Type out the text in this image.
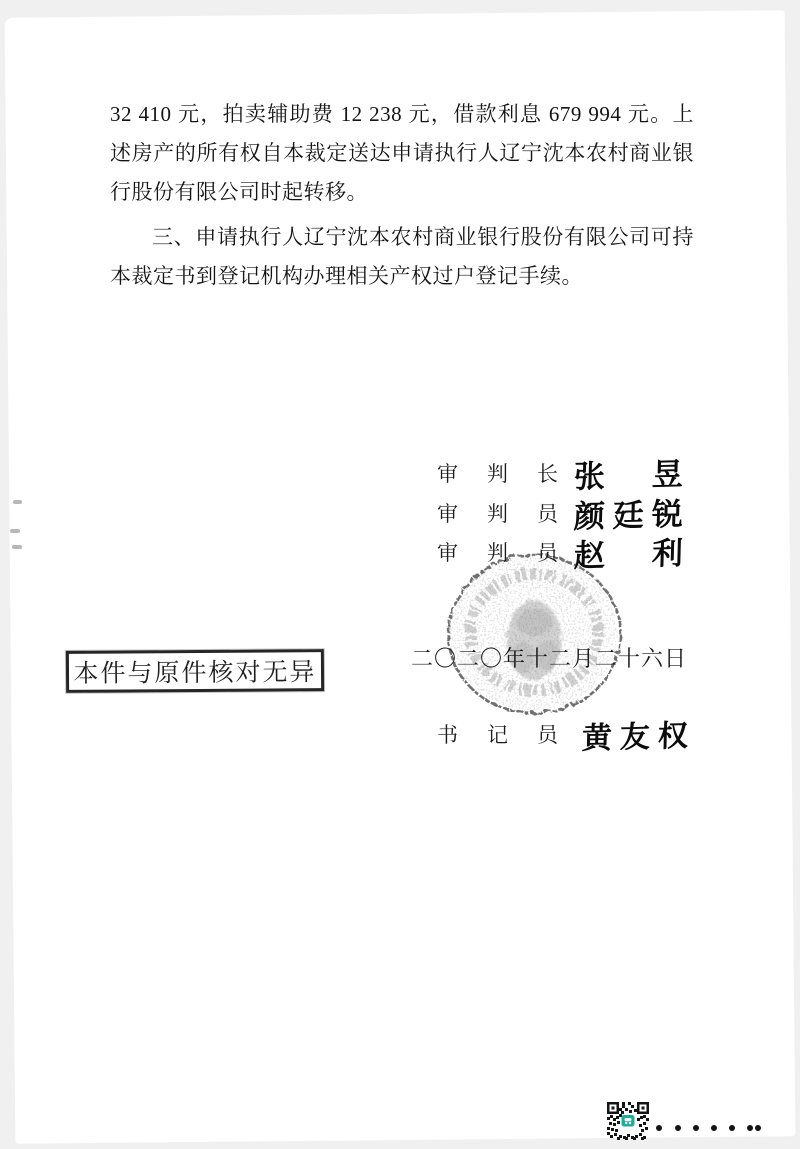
32 410 元，拍卖辅助费 12 238 元，借款利息 679 994 元。上述房产的所有权自本裁定送达申请执行人辽宁沈本农村商业银行股份有限公司时起转移。

三、申请执行人辽宁沈本农村商业银行股份有限公司可持本裁定书到登记机构办理相关产权过户登记手续。

审　判　长 张　昱
审　判　员 颜廷锐
审　判　员 赵　利
二〇二〇年十二月二十六日
本件与原件核对无异
书　记　员 黄友权
